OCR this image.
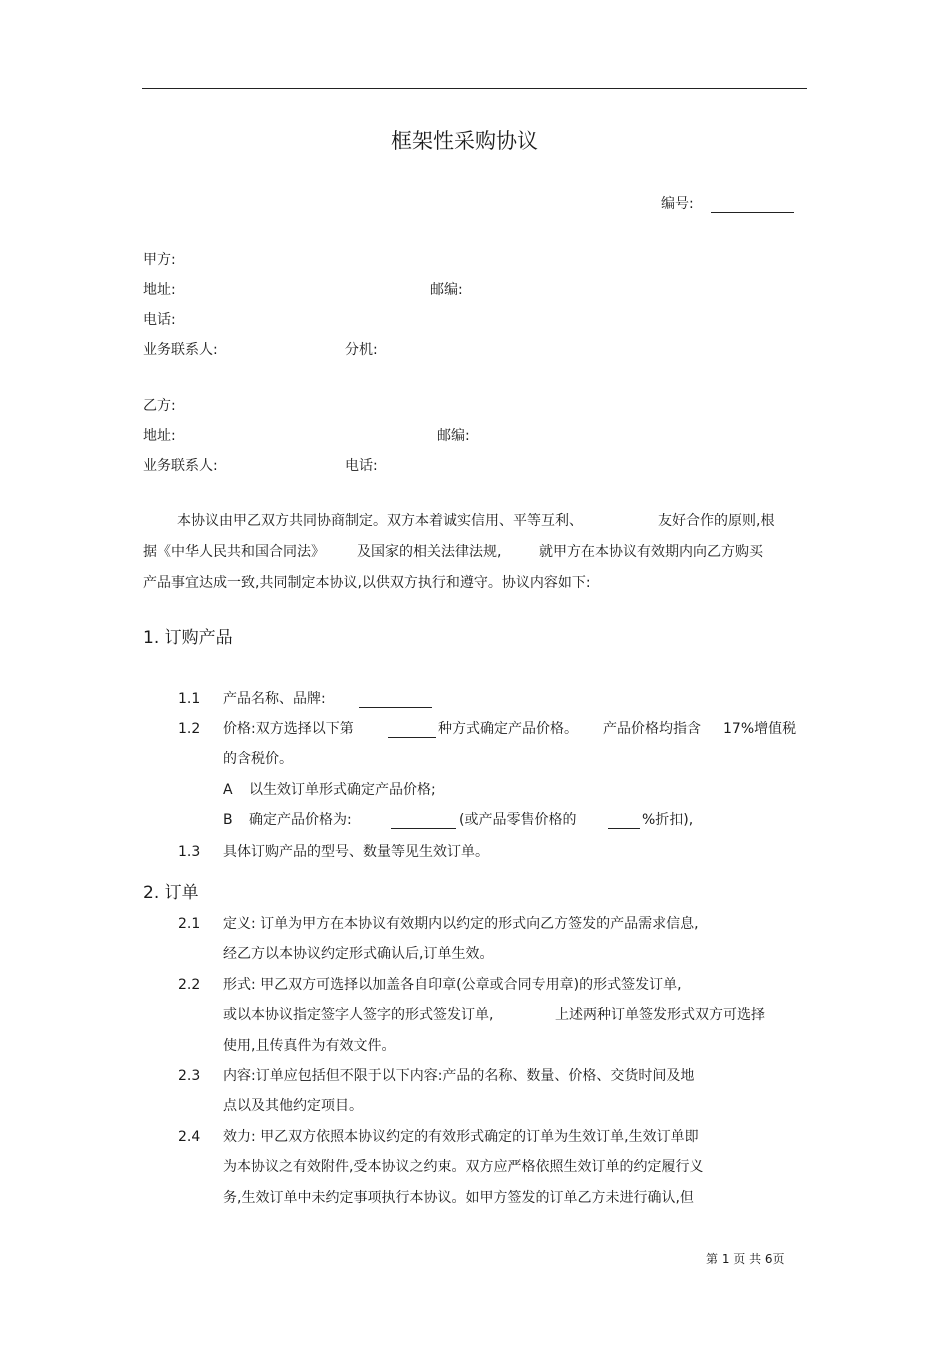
框架性采购协议
编号:
甲方:
地址:	邮编:
电话:
业务联系人:	分机:
乙方:
地址:	邮编:
业务联系人:	电话:
本协议由甲乙双方共同协商制定。双方本着诚实信用、平等互利、	友好合作的原则,根
据《中华人民共和国合同法》 及国家的相关法律法规,	就甲方在本协议有效期内向乙方购买
产品事宜达成一致,共同制定本协议,以供双方执行和遵守。协议内容如下:
1. 订购产品
1.1 产品名称、品牌:
1.2 价格:双方选择以下第	种方式确定产品价格。 产品价格均指含 17%增值税
的含税价。
A 以生效订单形式确定产品价格;
B 确定产品价格为:	(或产品零售价格的	%折扣),
1.3 具体订购产品的型号、数量等见生效订单。
2. 订单
2.1 定义: 订单为甲方在本协议有效期内以约定的形式向乙方签发的产品需求信息,
经乙方以本协议约定形式确认后,订单生效。
2.2 形式: 甲乙双方可选择以加盖各自印章(公章或合同专用章)的形式签发订单,
或以本协议指定签字人签字的形式签发订单,	上述两种订单签发形式双方可选择
使用,且传真件为有效文件。
2.3 内容:订单应包括但不限于以下内容:产品的名称、数量、价格、交货时间及地
点以及其他约定项目。
2.4 效力: 甲乙双方依照本协议约定的有效形式确定的订单为生效订单,生效订单即
为本协议之有效附件,受本协议之约束。双方应严格依照生效订单的约定履行义
务,生效订单中未约定事项执行本协议。如甲方签发的订单乙方未进行确认,但
第 1 页 共 6页
